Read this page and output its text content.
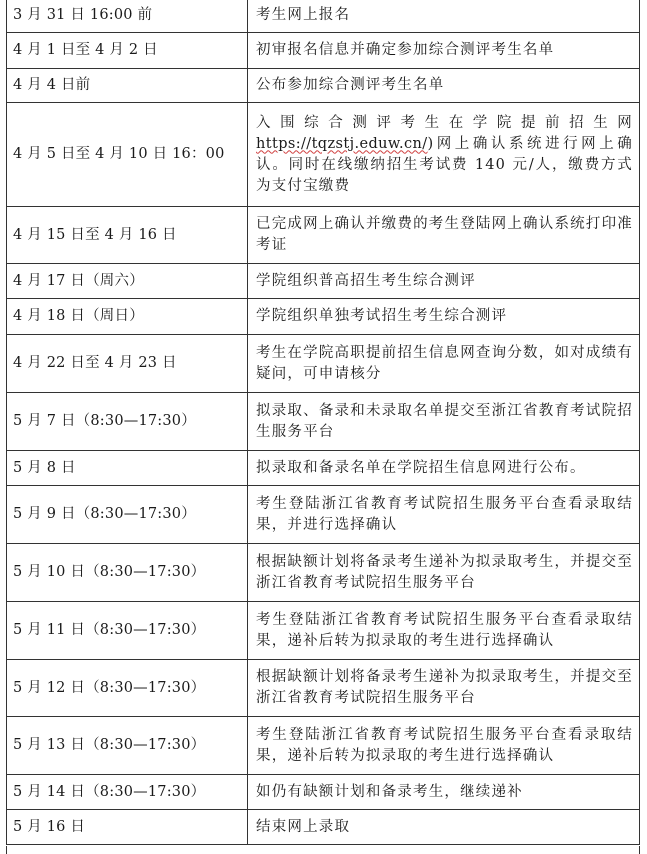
3 月 31 日 16:00 前	考生网上报名
4 月 1 日至 4 月 2 日	初审报名信息并确定参加综合测评考生名单
4 月 4 日前	公布参加综合测评考生名单
4 月 5 日至 4 月 10 日 16：00	入 围 综 合 测 评 考 生 在 学 院 提 前 招 生 网 https://tqzstj.eduw.cn/)网上确认系统进行网上确认。同时在线缴纳招生考试费 140 元/人，缴费方式为支付宝缴费
4 月 15 日至 4 月 16 日	已完成网上确认并缴费的考生登陆网上确认系统打印准考证
4 月 17 日（周六）	学院组织普高招生考生综合测评
4 月 18 日（周日）	学院组织单独考试招生考生综合测评
4 月 22 日至 4 月 23 日	考生在学院高职提前招生信息网查询分数，如对成绩有疑问，可申请核分
5 月 7 日（8:30—17:30）	拟录取、备录和未录取名单提交至浙江省教育考试院招生服务平台
5 月 8 日	拟录取和备录名单在学院招生信息网进行公布。
5 月 9 日（8:30—17:30）	考生登陆浙江省教育考试院招生服务平台查看录取结果，并进行选择确认
5 月 10 日（8:30—17:30）	根据缺额计划将备录考生递补为拟录取考生，并提交至浙江省教育考试院招生服务平台
5 月 11 日（8:30—17:30）	考生登陆浙江省教育考试院招生服务平台查看录取结果，递补后转为拟录取的考生进行选择确认
5 月 12 日（8:30—17:30）	根据缺额计划将备录考生递补为拟录取考生，并提交至浙江省教育考试院招生服务平台
5 月 13 日（8:30—17:30）	考生登陆浙江省教育考试院招生服务平台查看录取结果，递补后转为拟录取的考生进行选择确认
5 月 14 日（8:30—17:30）	如仍有缺额计划和备录考生，继续递补
5 月 16 日	结束网上录取
